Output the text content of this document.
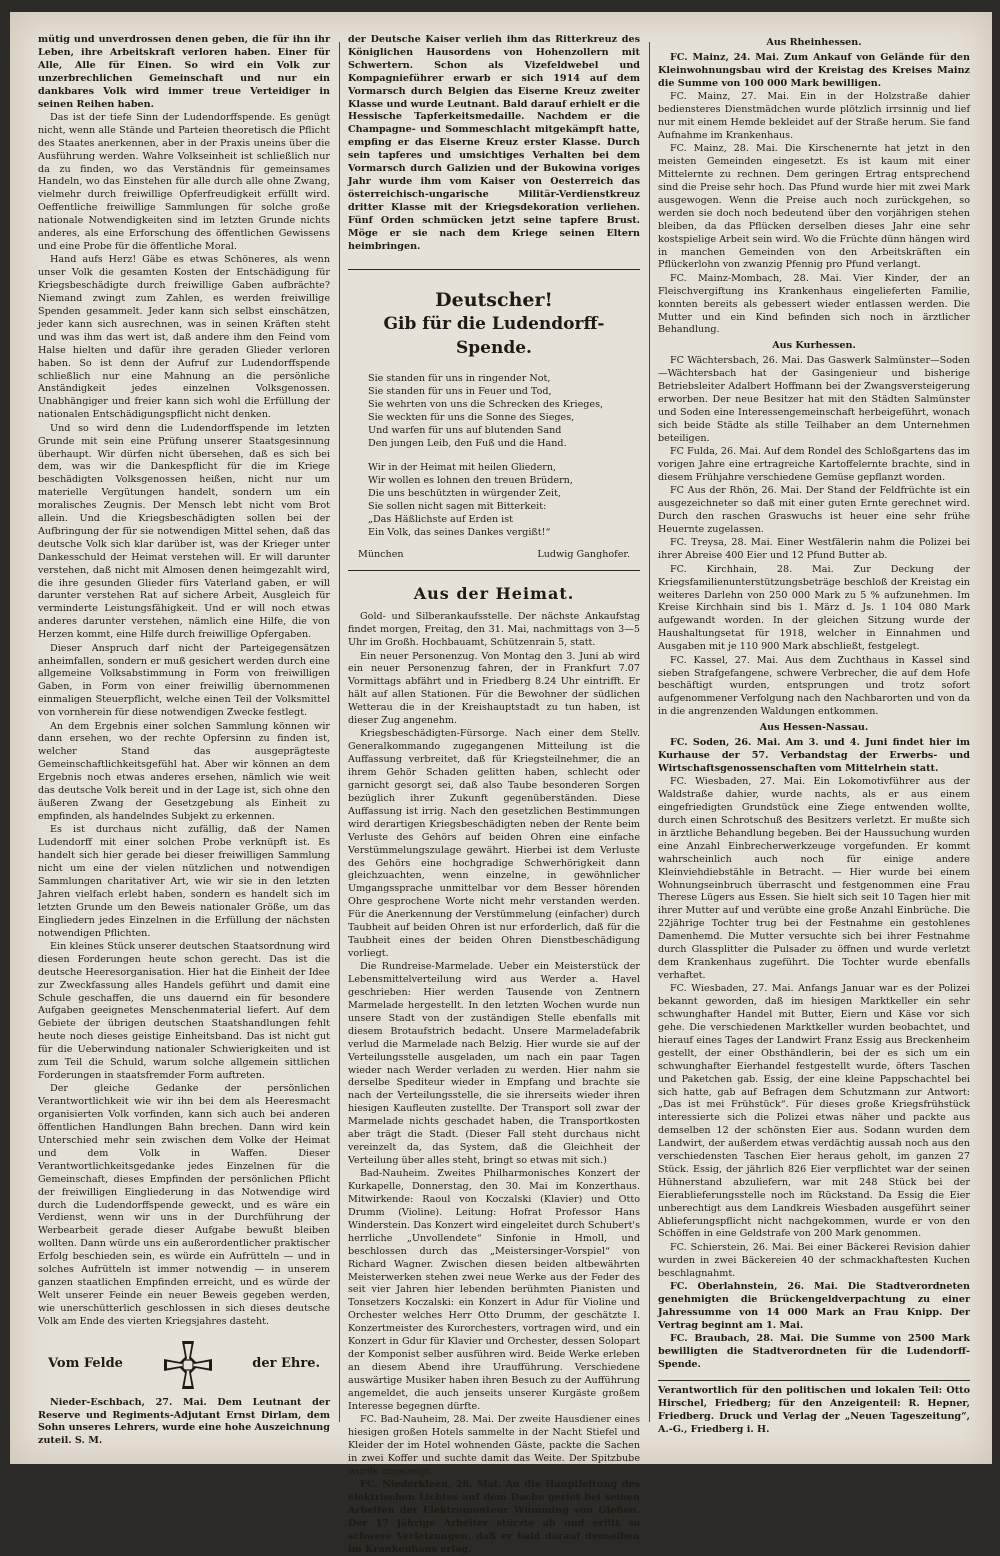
mütig und unverdrossen denen geben, die für ihn ihr Leben, ihre Arbeitskraft verloren haben. Einer für Alle, Alle für Einen. So wird ein Volk zur unzerbrechlichen Gemeinschaft und nur ein dankbares Volk wird immer treue Verteidiger in seinen Reihen haben.

Das ist der tiefe Sinn der Ludendorffspende. Es genügt nicht, wenn alle Stände und Parteien theoretisch die Pflicht des Staates anerkennen, aber in der Praxis uneins über die Ausführung werden. Wahre Volkseinheit ist schließlich nur da zu finden, wo das Verständnis für gemeinsames Handeln, wo das Einstehen für alle durch alle ohne Zwang, vielmehr durch freiwillige Opferfreudigkeit erfüllt wird. Oeffentliche freiwillige Sammlungen für solche große nationale Notwendigkeiten sind im letzten Grunde nichts anderes, als eine Erforschung des öffentlichen Gewissens und eine Probe für die öffentliche Moral.

Hand aufs Herz! Gäbe es etwas Schöneres, als wenn unser Volk die gesamten Kosten der Entschädigung für Kriegsbeschädigte durch freiwillige Gaben aufbrächte? Niemand zwingt zum Zahlen, es werden freiwillige Spenden gesammelt. Jeder kann sich selbst einschätzen, jeder kann sich ausrechnen, was in seinen Kräften steht und was ihm das wert ist, daß andere ihm den Feind vom Halse hielten und dafür ihre geraden Glieder verloren haben. So ist denn der Aufruf zur Ludendorffspende schließlich nur eine Mahnung an die persönliche Anständigkeit jedes einzelnen Volksgenossen. Unabhängiger und freier kann sich wohl die Erfüllung der nationalen Entschädigungspflicht nicht denken.

Und so wird denn die Ludendorffspende im letzten Grunde mit sein eine Prüfung unserer Staatsgesinnung überhaupt. Wir dürfen nicht übersehen, daß es sich bei dem, was wir die Dankespflicht für die im Kriege beschädigten Volksgenossen heißen, nicht nur um materielle Vergütungen handelt, sondern um ein moralisches Zeugnis. Der Mensch lebt nicht vom Brot allein. Und die Kriegsbeschädigten sollen bei der Aufbringung der für sie notwendigen Mittel sehen, daß das deutsche Volk sich klar darüber ist, was der Krieger unter Dankesschuld der Heimat verstehen will. Er will darunter verstehen, daß nicht mit Almosen denen heimgezahlt wird, die ihre gesunden Glieder fürs Vaterland gaben, er will darunter verstehen Rat auf sichere Arbeit, Ausgleich für verminderte Leistungsfähigkeit. Und er will noch etwas anderes darunter verstehen, nämlich eine Hilfe, die von Herzen kommt, eine Hilfe durch freiwillige Opfergaben.

Dieser Anspruch darf nicht der Parteigegensätzen anheimfallen, sondern er muß gesichert werden durch eine allgemeine Volksabstimmung in Form von freiwilligen Gaben, in Form von einer freiwillig übernommenen einmaligen Steuerpflicht, welche einen Teil der Volksmittel von vornherein für diese notwendigen Zwecke festlegt.

An dem Ergebnis einer solchen Sammlung können wir dann ersehen, wo der rechte Opfersinn zu finden ist, welcher Stand das ausgeprägteste Gemeinschaftlichkeitsgefühl hat. Aber wir können an dem Ergebnis noch etwas anderes ersehen, nämlich wie weit das deutsche Volk bereit und in der Lage ist, sich ohne den äußeren Zwang der Gesetzgebung als Einheit zu empfinden, als handelndes Subjekt zu erkennen.

Es ist durchaus nicht zufällig, daß der Namen Ludendorff mit einer solchen Probe verknüpft ist. Es handelt sich hier gerade bei dieser freiwilligen Sammlung nicht um eine der vielen nützlichen und notwendigen Sammlungen charitativer Art, wie wir sie in den letzten Jahren vielfach erlebt haben, sondern es handelt sich im letzten Grunde um den Beweis nationaler Größe, um das Eingliedern jedes Einzelnen in die Erfüllung der nächsten notwendigen Pflichten.

Ein kleines Stück unserer deutschen Staatsordnung wird diesen Forderungen heute schon gerecht. Das ist die deutsche Heeresorganisation. Hier hat die Einheit der Idee zur Zweckfassung alles Handels geführt und damit eine Schule geschaffen, die uns dauernd ein für besondere Aufgaben geeignetes Menschenmaterial liefert. Auf dem Gebiete der übrigen deutschen Staatshandlungen fehlt heute noch dieses geistige Einheitsband. Das ist nicht gut für die Ueberwindung nationaler Schwierigkeiten und ist zum Teil die Schuld, warum solche allgemein sittlichen Forderungen in staatsfremder Form auftreten.

Der gleiche Gedanke der persönlichen Verantwortlichkeit wie wir ihn bei dem als Heeresmacht organisierten Volk vorfinden, kann sich auch bei anderen öffentlichen Handlungen Bahn brechen. Dann wird kein Unterschied mehr sein zwischen dem Volke der Heimat und dem Volk in Waffen. Dieser Verantwortlichkeitsgedanke jedes Einzelnen für die Gemeinschaft, dieses Empfinden der persönlichen Pflicht der freiwilligen Eingliederung in das Notwendige wird durch die Ludendorffspende geweckt, und es wäre ein Verdienst, wenn wir uns in der Durchführung der Werbearbeit gerade dieser Aufgabe bewußt bleiben wollten. Dann würde uns ein außerordentlicher praktischer Erfolg beschieden sein, es würde ein Aufrütteln — und in solches Aufrütteln ist immer notwendig — in unserem ganzen staatlichen Empfinden erreicht, und es würde der Welt unserer Feinde ein neuer Beweis gegeben werden, wie unerschütterlich geschlossen in sich dieses deutsche Volk am Ende des vierten Kriegsjahres dasteht.

Vom Felde	der Ehre.

Nieder-Eschbach, 27. Mai. Dem Leutnant der Reserve und Regiments-Adjutant Ernst Dirlam, dem Sohn unseres Lehrers, wurde eine hohe Auszeichnung zuteil. S. M.

der Deutsche Kaiser verlieh ihm das Ritterkreuz des Königlichen Hausordens von Hohenzollern mit Schwertern. Schon als Vizefeldwebel und Kompagnieführer erwarb er sich 1914 auf dem Vormarsch durch Belgien das Eiserne Kreuz zweiter Klasse und wurde Leutnant. Bald darauf erhielt er die Hessische Tapferkeitsmedaille. Nachdem er die Champagne- und Sommeschlacht mitgekämpft hatte, empfing er das Eiserne Kreuz erster Klasse. Durch sein tapferes und umsichtiges Verhalten bei dem Vormarsch durch Galizien und der Bukowina voriges Jahr wurde ihm vom Kaiser von Oesterreich das österreichisch-ungarische Militär-Verdienstkreuz dritter Klasse mit der Kriegsdekoration verliehen. Fünf Orden schmücken jetzt seine tapfere Brust. Möge er sie nach dem Kriege seinen Eltern heimbringen.

Deutscher!
Gib für die Ludendorff-Spende.
Sie standen für uns in ringender Not,
Sie standen für uns in Feuer und Tod,
Sie wehrten von uns die Schrecken des Krieges,
Sie weckten für uns die Sonne des Sieges,
Und warfen für uns auf blutenden Sand
Den jungen Leib, den Fuß und die Hand.
Wir in der Heimat mit heilen Gliedern,
Wir wollen es lohnen den treuen Brüdern,
Die uns beschützten in würgender Zeit,
Sie sollen nicht sagen mit Bitterkeit:
„Das Häßlichste auf Erden ist
Ein Volk, das seines Dankes vergißt!“
München	Ludwig Ganghofer.
Aus der Heimat.

Gold- und Silberankaufsstelle. Der nächste Ankaufstag findet morgen, Freitag, den 31. Mai, nachmittags von 3—5 Uhr im Großh. Hochbauamt, Schützenrain 5, statt.

Ein neuer Personenzug. Von Montag den 3. Juni ab wird ein neuer Personenzug fahren, der in Frankfurt 7.07 Vormittags abfährt und in Friedberg 8.24 Uhr eintrifft. Er hält auf allen Stationen. Für die Bewohner der südlichen Wetterau die in der Kreishauptstadt zu tun haben, ist dieser Zug angenehm.

Kriegsbeschädigten-Fürsorge. Nach einer dem Stellv. Generalkommando zugegangenen Mitteilung ist die Auffassung verbreitet, daß für Kriegsteilnehmer, die an ihrem Gehör Schaden gelitten haben, schlecht oder garnicht gesorgt sei, daß also Taube besonderen Sorgen bezüglich ihrer Zukunft gegenüberständen. Diese Auffassung ist irrig. Nach den gesetzlichen Bestimmungen wird derartigen Kriegsbeschädigten neben der Rente beim Verluste des Gehörs auf beiden Ohren eine einfache Verstümmelungszulage gewährt. Hierbei ist dem Verluste des Gehörs eine hochgradige Schwerhörigkeit dann gleichzuachten, wenn einzelne, in gewöhnlicher Umgangssprache unmittelbar vor dem Besser hörenden Ohre gesprochene Worte nicht mehr verstanden werden. Für die Anerkennung der Verstümmelung (einfacher) durch Taubheit auf beiden Ohren ist nur erforderlich, daß für die Taubheit eines der beiden Ohren Dienstbeschädigung vorliegt.

Die Rundreise-Marmelade. Ueber ein Meisterstück der Lebensmittelverteilung wird aus Werder a. Havel geschrieben: Hier werden Tausende von Zentnern Marmelade hergestellt. In den letzten Wochen wurde nun unsere Stadt von der zuständigen Stelle ebenfalls mit diesem Brotaufstrich bedacht. Unsere Marmeladefabrik verlud die Marmelade nach Belzig. Hier wurde sie auf der Verteilungsstelle ausgeladen, um nach ein paar Tagen wieder nach Werder verladen zu werden. Hier nahm sie derselbe Spediteur wieder in Empfang und brachte sie nach der Verteilungsstelle, die sie ihrerseits wieder ihren hiesigen Kaufleuten zustellte. Der Transport soll zwar der Marmelade nichts geschadet haben, die Transportkosten aber trägt die Stadt. (Dieser Fall steht durchaus nicht vereinzelt da, das System, daß die Gleichheit der Verteilung über alles steht, bringt so etwas mit sich.)

Bad-Nauheim. Zweites Philharmonisches Konzert der Kurkapelle, Donnerstag, den 30. Mai im Konzerthaus. Mitwirkende: Raoul von Koczalski (Klavier) und Otto Drumm (Violine). Leitung: Hofrat Professor Hans Winderstein. Das Konzert wird eingeleitet durch Schubert's herrliche „Unvollendete“ Sinfonie in Hmoll, und beschlossen durch das „Meistersinger-Vorspiel“ von Richard Wagner. Zwischen diesen beiden altbewährten Meisterwerken stehen zwei neue Werke aus der Feder des seit vier Jahren hier lebenden berühmten Pianisten und Tonsetzers Koczalski: ein Konzert in Adur für Violine und Orchester welches Herr Otto Drumm, der geschätzte I. Konzertmeister des Kurorchesters, vortragen wird, und ein Konzert in Gdur für Klavier und Orchester, dessen Solopart der Komponist selber ausführen wird. Beide Werke erleben an diesem Abend ihre Uraufführung. Verschiedene auswärtige Musiker haben ihren Besuch zu der Aufführung angemeldet, die auch jenseits unserer Kurgäste großem Interesse begegnen dürfte.

FC. Bad-Nauheim, 28. Mai. Der zweite Hausdiener eines hiesigen großen Hotels sammelte in der Nacht Stiefel und Kleider der im Hotel wohnenden Gäste, packte die Sachen in zwei Koffer und suchte damit das Weite. Der Spitzbube wurde angezeigt.

FC. Niederkleen, 28. Mai. An die Hauptleitung des elektrischen Lichtes auf dem Dache geriet bei seinen Arbeiten der Elektromonteur Wümming von Gießen. Der 17 jährige Arbeiter stürzte ab und erlitt so schwere Verletzungen, daß er bald darauf denselben im Krankenhaus erlag.

Aus Rheinhessen.

FC. Mainz, 24. Mai. Zum Ankauf von Gelände für den Kleinwohnungsbau wird der Kreistag des Kreises Mainz die Summe von 100 000 Mark bewilligen.

FC. Mainz, 27. Mai. Ein in der Holzstraße dahier bediensteres Dienstmädchen wurde plötzlich irrsinnig und lief nur mit einem Hemde bekleidet auf der Straße herum. Sie fand Aufnahme im Krankenhaus.

FC. Mainz, 28. Mai. Die Kirschenernte hat jetzt in den meisten Gemeinden eingesetzt. Es ist kaum mit einer Mittelernte zu rechnen. Dem geringen Ertrag entsprechend sind die Preise sehr hoch. Das Pfund wurde hier mit zwei Mark ausgewogen. Wenn die Preise auch noch zurückgehen, so werden sie doch noch bedeutend über den vorjährigen stehen bleiben, da das Pflücken derselben dieses Jahr eine sehr kostspielige Arbeit sein wird. Wo die Früchte dünn hängen wird in manchen Gemeinden von den Arbeitskräften ein Pflückerlohn von zwanzig Pfennig pro Pfund verlangt.

FC. Mainz-Mombach, 28. Mai. Vier Kinder, der an Fleischvergiftung ins Krankenhaus eingelieferten Familie, konnten bereits als gebessert wieder entlassen werden. Die Mutter und ein Kind befinden sich noch in ärztlicher Behandlung.

Aus Kurhessen.

FC Wächtersbach, 26. Mai. Das Gaswerk Salmünster—Soden—Wächtersbach hat der Gasingenieur und bisherige Betriebsleiter Adalbert Hoffmann bei der Zwangsversteigerung erworben. Der neue Besitzer hat mit den Städten Salmünster und Soden eine Interessengemeinschaft herbeigeführt, wonach sich beide Städte als stille Teilhaber an dem Unternehmen beteiligen.

FC Fulda, 26. Mai. Auf dem Rondel des Schloßgartens das im vorigen Jahre eine ertragreiche Kartoffelernte brachte, sind in diesem Frühjahre verschiedene Gemüse gepflanzt worden.

FC Aus der Rhön, 26. Mai. Der Stand der Feldfrüchte ist ein ausgezeichneter so daß mit einer guten Ernte gerechnet wird. Durch den raschen Graswuchs ist heuer eine sehr frühe Heuernte zugelassen.

FC. Treysa, 28. Mai. Einer Westfälerin nahm die Polizei bei ihrer Abreise 400 Eier und 12 Pfund Butter ab.

FC. Kirchhain, 28. Mai. Zur Deckung der Kriegsfamilienunterstützungsbeträge beschloß der Kreistag ein weiteres Darlehn von 250 000 Mark zu 5 % aufzunehmen. Im Kreise Kirchhain sind bis 1. März d. Js. 1 104 080 Mark aufgewandt worden. In der gleichen Sitzung wurde der Haushaltungsetat für 1918, welcher in Einnahmen und Ausgaben mit je 110 900 Mark abschließt, festgelegt.

FC. Kassel, 27. Mai. Aus dem Zuchthaus in Kassel sind sieben Strafgefangene, schwere Verbrecher, die auf dem Hofe beschäftigt wurden, entsprungen und trotz sofort aufgenommener Verfolgung nach den Nachbarorten und von da in die angrenzenden Waldungen entkommen.

Aus Hessen-Nassau.

FC. Soden, 26. Mai. Am 3. und 4. Juni findet hier im Kurhause der 57. Verbandstag der Erwerbs- und Wirtschaftsgenossenschaften vom Mittelrhein statt.

FC. Wiesbaden, 27. Mai. Ein Lokomotivführer aus der Waldstraße dahier, wurde nachts, als er aus einem eingefriedigten Grundstück eine Ziege entwenden wollte, durch einen Schrotschuß des Besitzers verletzt. Er mußte sich in ärztliche Behandlung begeben. Bei der Haussuchung wurden eine Anzahl Einbrecherwerkzeuge vorgefunden. Er kommt wahrscheinlich auch noch für einige andere Kleinviehdiebstähle in Betracht. — Hier wurde bei einem Wohnungseinbruch überrascht und festgenommen eine Frau Therese Lügers aus Essen. Sie hielt sich seit 10 Tagen hier mit ihrer Mutter auf und verübte eine große Anzahl Einbrüche. Die 22jährige Tochter trug bei der Festnahme ein gestohlenes Damenhemd. Die Mutter versuchte sich bei ihrer Festnahme durch Glassplitter die Pulsader zu öffnen und wurde verletzt dem Krankenhaus zugeführt. Die Tochter wurde ebenfalls verhaftet.

FC. Wiesbaden, 27. Mai. Anfangs Januar war es der Polizei bekannt geworden, daß im hiesigen Marktkeller ein sehr schwunghafter Handel mit Butter, Eiern und Käse vor sich gehe. Die verschiedenen Marktkeller wurden beobachtet, und hierauf eines Tages der Landwirt Franz Essig aus Breckenheim gestellt, der einer Obsthändlerin, bei der es sich um ein schwunghafter Eierhandel festgestellt wurde, öfters Taschen und Paketchen gab. Essig, der eine kleine Pappschachtel bei sich hatte, gab auf Befragen dem Schutzmann zur Antwort: „Das ist mei Frühstück“. Für dieses große Kriegsfrühstück interessierte sich die Polizei etwas näher und packte aus demselben 12 der schönsten Eier aus. Sodann wurden dem Landwirt, der außerdem etwas verdächtig aussah noch aus den verschiedensten Taschen Eier heraus geholt, im ganzen 27 Stück. Essig, der jährlich 826 Eier verpflichtet war der seinen Hühnerstand abzuliefern, war mit 248 Stück bei der Eierablieferungsstelle noch im Rückstand. Da Essig die Eier unberechtigt aus dem Landkreis Wiesbaden ausgeführt seiner Ablieferungspflicht nicht nachgekommen, wurde er von den Schöffen in eine Geldstrafe von 200 Mark genommen.

FC. Schierstein, 26. Mai. Bei einer Bäckerei Revision dahier wurden in zwei Bäckereien 40 der schmackhaftesten Kuchen beschlagnahmt.

FC. Oberlahnstein, 26. Mai. Die Stadtverordneten genehmigten die Brückengeldverpachtung zu einer Jahressumme von 14 000 Mark an Frau Knipp. Der Vertrag beginnt am 1. Mai.

FC. Braubach, 28. Mai. Die Summe von 2500 Mark bewilligten die Stadtverordneten für die Ludendorff-Spende.

Verantwortlich für den politischen und lokalen Teil: Otto Hirschel, Friedberg; für den Anzeigenteil: R. Hepner, Friedberg. Druck und Verlag der „Neuen Tageszeitung“, A.-G., Friedberg i. H.
